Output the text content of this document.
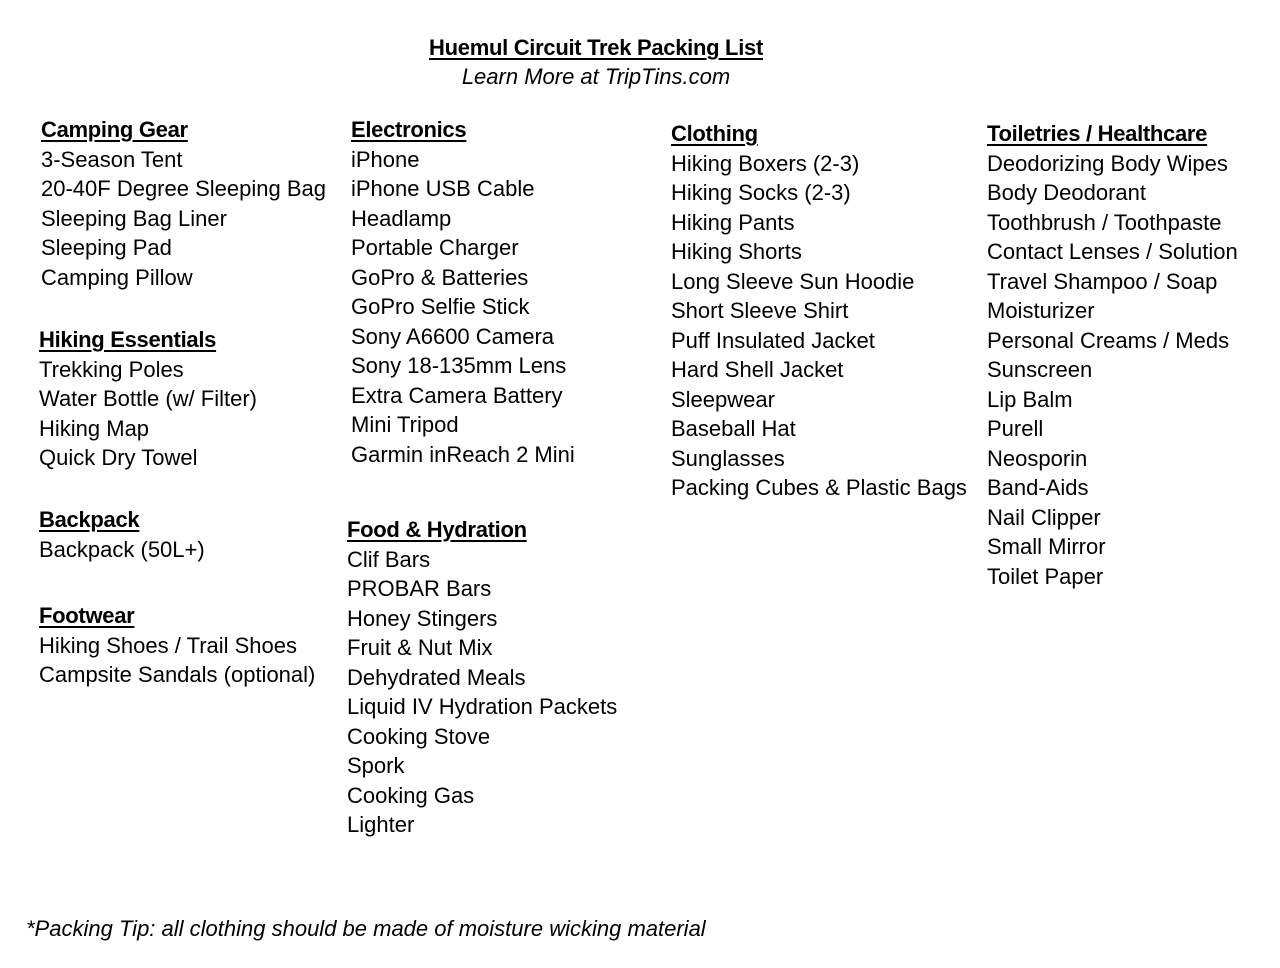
Huemul Circuit Trek Packing List
Learn More at TripTins.com
Camping Gear
3-Season Tent
20-40F Degree Sleeping Bag
Sleeping Bag Liner
Sleeping Pad
Camping Pillow
Hiking Essentials
Trekking Poles
Water Bottle (w/ Filter)
Hiking Map
Quick Dry Towel
Backpack
Backpack (50L+)
Footwear
Hiking Shoes / Trail Shoes
Campsite Sandals (optional)
Electronics
iPhone
iPhone USB Cable
Headlamp
Portable Charger
GoPro & Batteries
GoPro Selfie Stick
Sony A6600 Camera
Sony 18-135mm Lens
Extra Camera Battery
Mini Tripod
Garmin inReach 2 Mini
Food & Hydration
Clif Bars
PROBAR Bars
Honey Stingers
Fruit & Nut Mix
Dehydrated Meals
Liquid IV Hydration Packets
Cooking Stove
Spork
Cooking Gas
Lighter
Clothing
Hiking Boxers (2-3)
Hiking Socks (2-3)
Hiking Pants
Hiking Shorts
Long Sleeve Sun Hoodie
Short Sleeve Shirt
Puff Insulated Jacket
Hard Shell Jacket
Sleepwear
Baseball Hat
Sunglasses
Packing Cubes & Plastic Bags
Toiletries / Healthcare
Deodorizing Body Wipes
Body Deodorant
Toothbrush / Toothpaste
Contact Lenses / Solution
Travel Shampoo / Soap
Moisturizer
Personal Creams / Meds
Sunscreen
Lip Balm
Purell
Neosporin
Band-Aids
Nail Clipper
Small Mirror
Toilet Paper
*Packing Tip: all clothing should be made of moisture wicking material
